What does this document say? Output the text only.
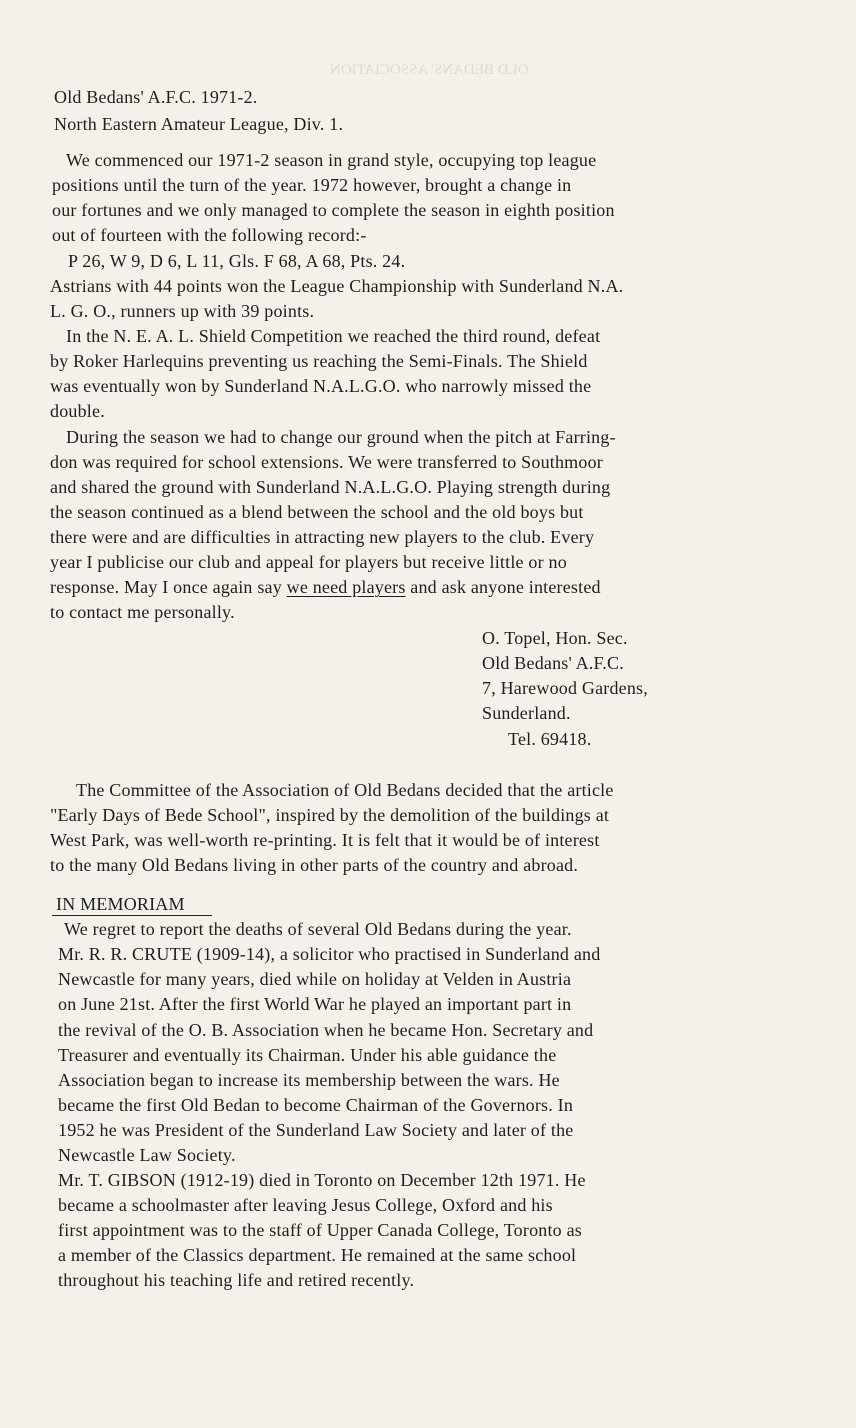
OLD BEDANS' ASSOCIATION
Old Bedans' A.F.C. 1971-2.
North Eastern Amateur League, Div. 1.
We commenced our 1971-2 season in grand style, occupying top league
positions until the turn of the year. 1972 however, brought a change in
our fortunes and we only managed to complete the season in eighth position
out of fourteen with the following record:-
P 26, W 9, D 6, L 11, Gls. F 68, A 68, Pts. 24.
Astrians with 44 points won the League Championship with Sunderland N.A.
L. G. O., runners up with 39 points.
In the N. E. A. L. Shield Competition we reached the third round, defeat
by Roker Harlequins preventing us reaching the Semi-Finals. The Shield
was eventually won by Sunderland N.A.L.G.O. who narrowly missed the
double.
During the season we had to change our ground when the pitch at Farring-
don was required for school extensions. We were transferred to Southmoor
and shared the ground with Sunderland N.A.L.G.O. Playing strength during
the season continued as a blend between the school and the old boys but
there were and are difficulties in attracting new players to the club. Every
year I publicise our club and appeal for players but receive little or no
response. May I once again say we need players and ask anyone interested
to contact me personally.
O. Topel, Hon. Sec.
Old Bedans' A.F.C.
7, Harewood Gardens,
Sunderland.
Tel. 69418.
The Committee of the Association of Old Bedans decided that the article
"Early Days of Bede School", inspired by the demolition of the buildings at
West Park, was well-worth re-printing. It is felt that it would be of interest
to the many Old Bedans living in other parts of the country and abroad.
IN MEMORIAM
We regret to report the deaths of several Old Bedans during the year.
Mr. R. R. CRUTE (1909-14), a solicitor who practised in Sunderland and
Newcastle for many years, died while on holiday at Velden in Austria
on June 21st. After the first World War he played an important part in
the revival of the O. B. Association when he became Hon. Secretary and
Treasurer and eventually its Chairman. Under his able guidance the
Association began to increase its membership between the wars. He
became the first Old Bedan to become Chairman of the Governors. In
1952 he was President of the Sunderland Law Society and later of the
Newcastle Law Society.
Mr. T. GIBSON (1912-19) died in Toronto on December 12th 1971. He
became a schoolmaster after leaving Jesus College, Oxford and his
first appointment was to the staff of Upper Canada College, Toronto as
a member of the Classics department. He remained at the same school
throughout his teaching life and retired recently.
